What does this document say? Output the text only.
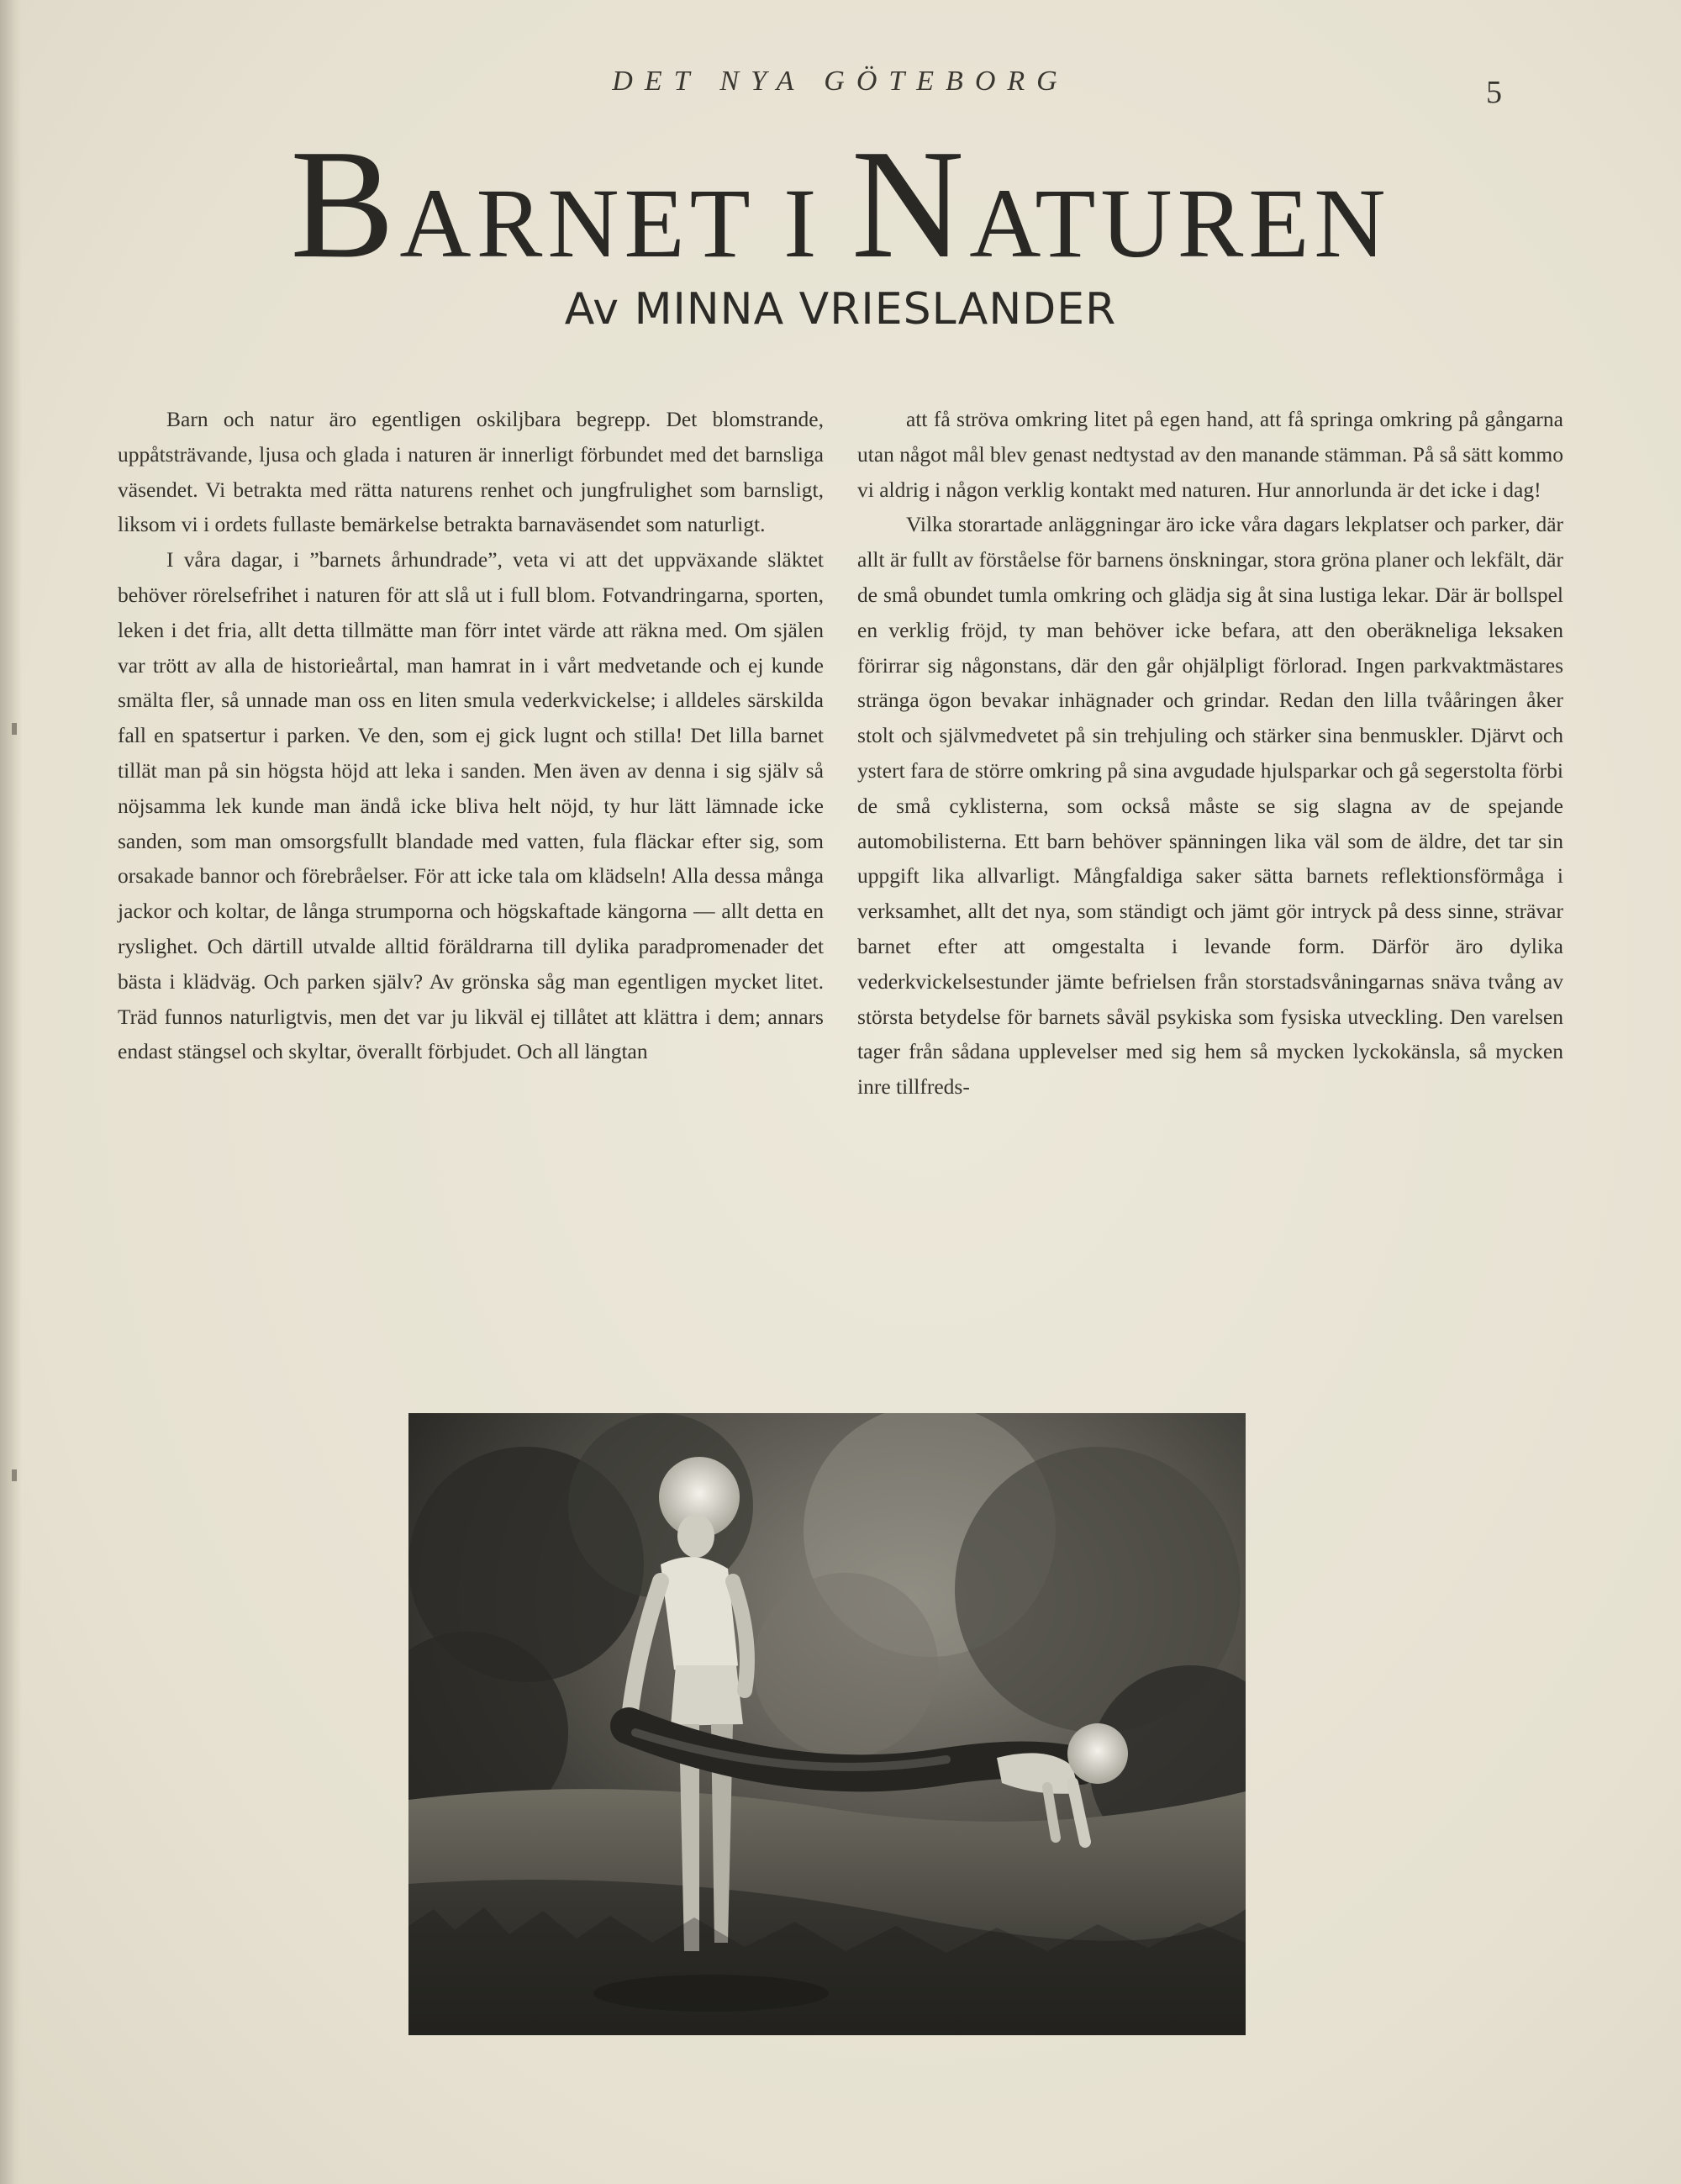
DET NYA GÖTEBORG	5
BARNET I NATUREN
Av MINNA VRIESLANDER

Barn och natur äro egentligen oskiljbara begrepp. Det blomstrande, uppåtsträvande, ljusa och glada i naturen är innerligt förbundet med det barnsliga väsendet. Vi betrakta med rätta naturens renhet och jungfrulighet som barnsligt, liksom vi i ordets fullaste bemärkelse betrakta barnaväsendet som naturligt.

I våra dagar, i ”barnets århundrade”, veta vi att det uppväxande släktet behöver rörelsefrihet i naturen för att slå ut i full blom. Fotvandringarna, sporten, leken i det fria, allt detta tillmätte man förr intet värde att räkna med. Om själen var trött av alla de historieårtal, man hamrat in i vårt medvetande och ej kunde smälta fler, så unnade man oss en liten smula vederkvickelse; i alldeles särskilda fall en spatsertur i parken. Ve den, som ej gick lugnt och stilla! Det lilla barnet tillät man på sin högsta höjd att leka i sanden. Men även av denna i sig själv så nöjsamma lek kunde man ändå icke bliva helt nöjd, ty hur lätt lämnade icke sanden, som man omsorgsfullt blandade med vatten, fula fläckar efter sig, som orsakade bannor och förebråelser. För att icke tala om klädseln! Alla dessa många jackor och koltar, de långa strumporna och högskaftade kängorna — allt detta en ryslighet. Och därtill utvalde alltid föräldrarna till dylika paradpromenader det bästa i klädväg. Och parken själv? Av grönska såg man egentligen mycket litet. Träd funnos naturligtvis, men det var ju likväl ej tillåtet att klättra i dem; annars endast stängsel och skyltar, överallt förbjudet. Och all längtan

att få ströva omkring litet på egen hand, att få springa omkring på gångarna utan något mål blev genast nedtystad av den manande stämman. På så sätt kommo vi aldrig i någon verklig kontakt med naturen. Hur annorlunda är det icke i dag!

Vilka storartade anläggningar äro icke våra dagars lekplatser och parker, där allt är fullt av förståelse för barnens önskningar, stora gröna planer och lekfält, där de små obundet tumla omkring och glädja sig åt sina lustiga lekar. Där är bollspel en verklig fröjd, ty man behöver icke befara, att den oberäkneliga leksaken förirrar sig någonstans, där den går ohjälpligt förlorad. Ingen parkvaktmästares stränga ögon bevakar inhägnader och grindar. Redan den lilla tvååringen åker stolt och självmedvetet på sin trehjuling och stärker sina benmuskler. Djärvt och ystert fara de större omkring på sina avgudade hjulsparkar och gå segerstolta förbi de små cyklisterna, som också måste se sig slagna av de spejande automobilisterna. Ett barn behöver spänningen lika väl som de äldre, det tar sin uppgift lika allvarligt. Mångfaldiga saker sätta barnets reflektionsförmåga i verksamhet, allt det nya, som ständigt och jämt gör intryck på dess sinne, strävar barnet efter att omgestalta i levande form. Därför äro dylika vederkvickelsestunder jämte befrielsen från storstadsvåningarnas snäva tvång av största betydelse för barnets såväl psykiska som fysiska utveckling. Den varelsen tager från sådana upplevelser med sig hem så mycken lyckokänsla, så mycken inre tillfreds-
